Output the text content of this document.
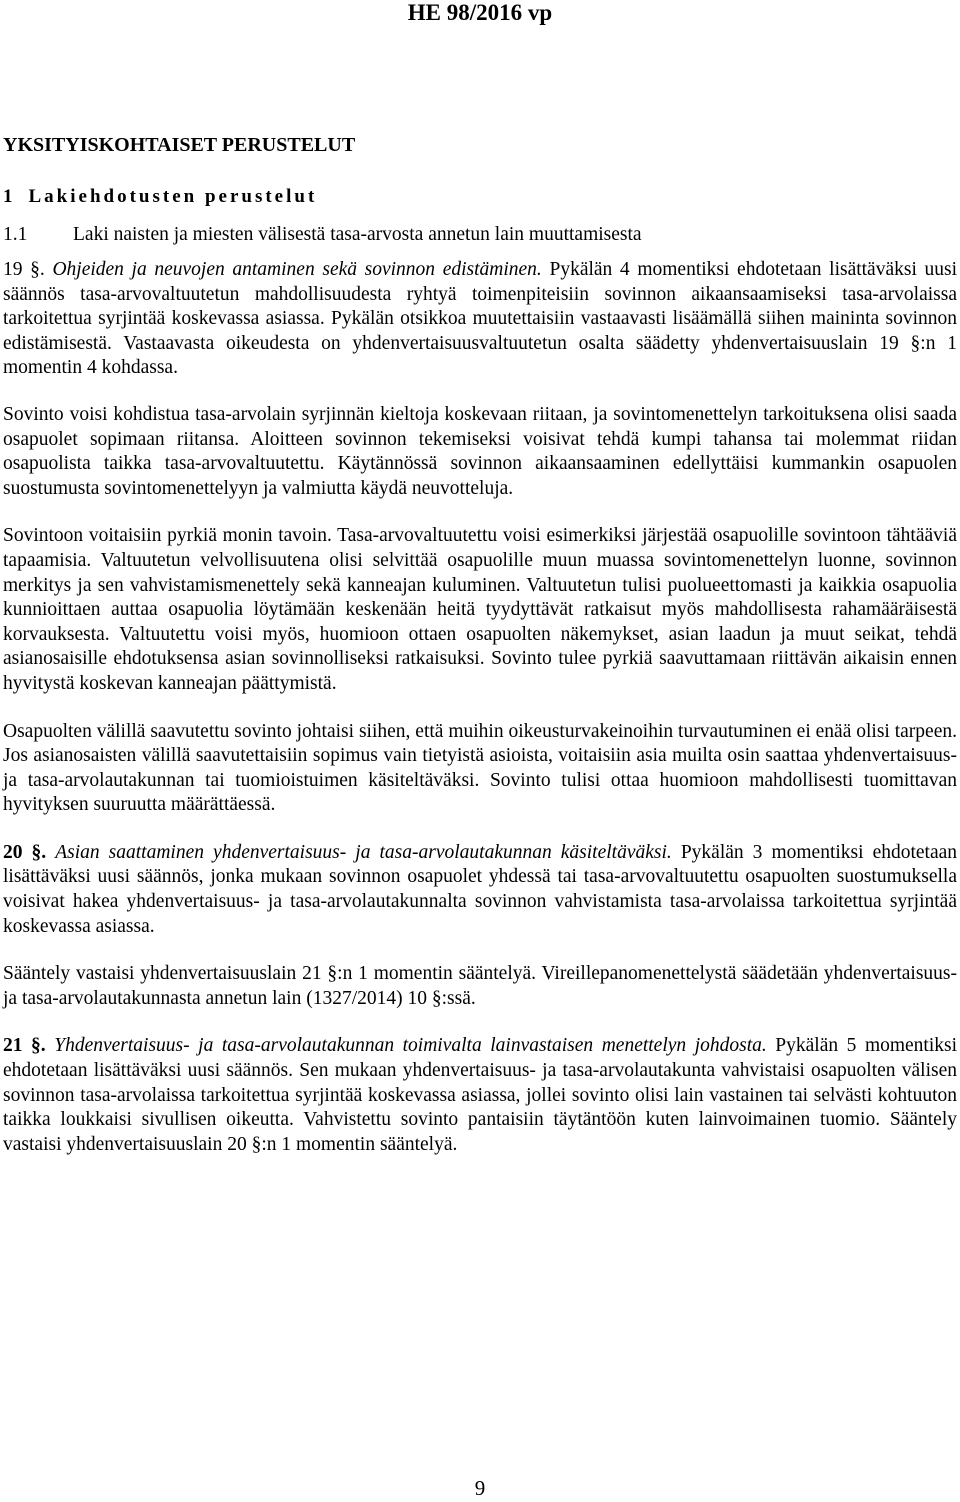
HE 98/2016 vp
YKSITYISKOHTAISET PERUSTELUT
1 Lakiehdotusten perustelut
1.1 Laki naisten ja miesten välisestä tasa-arvosta annetun lain muuttamisesta

19 §. Ohjeiden ja neuvojen antaminen sekä sovinnon edistäminen. Pykälän 4 momentiksi ehdotetaan lisättäväksi uusi säännös tasa-arvovaltuutetun mahdollisuudesta ryhtyä toimenpiteisiin sovinnon aikaansaamiseksi tasa-arvolaissa tarkoitettua syrjintää koskevassa asiassa. Pykälän otsikkoa muutettaisiin vastaavasti lisäämällä siihen maininta sovinnon edistämisestä. Vastaavasta oikeudesta on yhdenvertaisuusvaltuutetun osalta säädetty yhdenvertaisuuslain 19 §:n 1 momentin 4 kohdassa.

Sovinto voisi kohdistua tasa-arvolain syrjinnän kieltoja koskevaan riitaan, ja sovintomenettelyn tarkoituksena olisi saada osapuolet sopimaan riitansa. Aloitteen sovinnon tekemiseksi voisivat tehdä kumpi tahansa tai molemmat riidan osapuolista taikka tasa-arvovaltuutettu. Käytännössä sovinnon aikaansaaminen edellyttäisi kummankin osapuolen suostumusta sovintomenettelyyn ja valmiutta käydä neuvotteluja.

Sovintoon voitaisiin pyrkiä monin tavoin. Tasa-arvovaltuutettu voisi esimerkiksi järjestää osapuolille sovintoon tähtääviä tapaamisia. Valtuutetun velvollisuutena olisi selvittää osapuolille muun muassa sovintomenettelyn luonne, sovinnon merkitys ja sen vahvistamismenettely sekä kanneajan kuluminen. Valtuutetun tulisi puolueettomasti ja kaikkia osapuolia kunnioittaen auttaa osapuolia löytämään keskenään heitä tyydyttävät ratkaisut myös mahdollisesta rahamääräisestä korvauksesta. Valtuutettu voisi myös, huomioon ottaen osapuolten näkemykset, asian laadun ja muut seikat, tehdä asianosaisille ehdotuksensa asian sovinnolliseksi ratkaisuksi. Sovinto tulee pyrkiä saavuttamaan riittävän aikaisin ennen hyvitystä koskevan kanneajan päättymistä.

Osapuolten välillä saavutettu sovinto johtaisi siihen, että muihin oikeusturvakeinoihin turvautuminen ei enää olisi tarpeen. Jos asianosaisten välillä saavutettaisiin sopimus vain tietyistä asioista, voitaisiin asia muilta osin saattaa yhdenvertaisuus- ja tasa-arvolautakunnan tai tuomioistuimen käsiteltäväksi. Sovinto tulisi ottaa huomioon mahdollisesti tuomittavan hyvityksen suuruutta määrättäessä.

20 §. Asian saattaminen yhdenvertaisuus- ja tasa-arvolautakunnan käsiteltäväksi. Pykälän 3 momentiksi ehdotetaan lisättäväksi uusi säännös, jonka mukaan sovinnon osapuolet yhdessä tai tasa-arvovaltuutettu osapuolten suostumuksella voisivat hakea yhdenvertaisuus- ja tasa-arvolautakunnalta sovinnon vahvistamista tasa-arvolaissa tarkoitettua syrjintää koskevassa asiassa.

Sääntely vastaisi yhdenvertaisuuslain 21 §:n 1 momentin sääntelyä. Vireillepanomenettelystä säädetään yhdenvertaisuus- ja tasa-arvolautakunnasta annetun lain (1327/2014) 10 §:ssä.

21 §. Yhdenvertaisuus- ja tasa-arvolautakunnan toimivalta lainvastaisen menettelyn johdosta. Pykälän 5 momentiksi ehdotetaan lisättäväksi uusi säännös. Sen mukaan yhdenvertaisuus- ja tasa-arvolautakunta vahvistaisi osapuolten välisen sovinnon tasa-arvolaissa tarkoitettua syrjintää koskevassa asiassa, jollei sovinto olisi lain vastainen tai selvästi kohtuuton taikka loukkaisi sivullisen oikeutta. Vahvistettu sovinto pantaisiin täytäntöön kuten lainvoimainen tuomio. Sääntely vastaisi yhdenvertaisuuslain 20 §:n 1 momentin sääntelyä.

9
